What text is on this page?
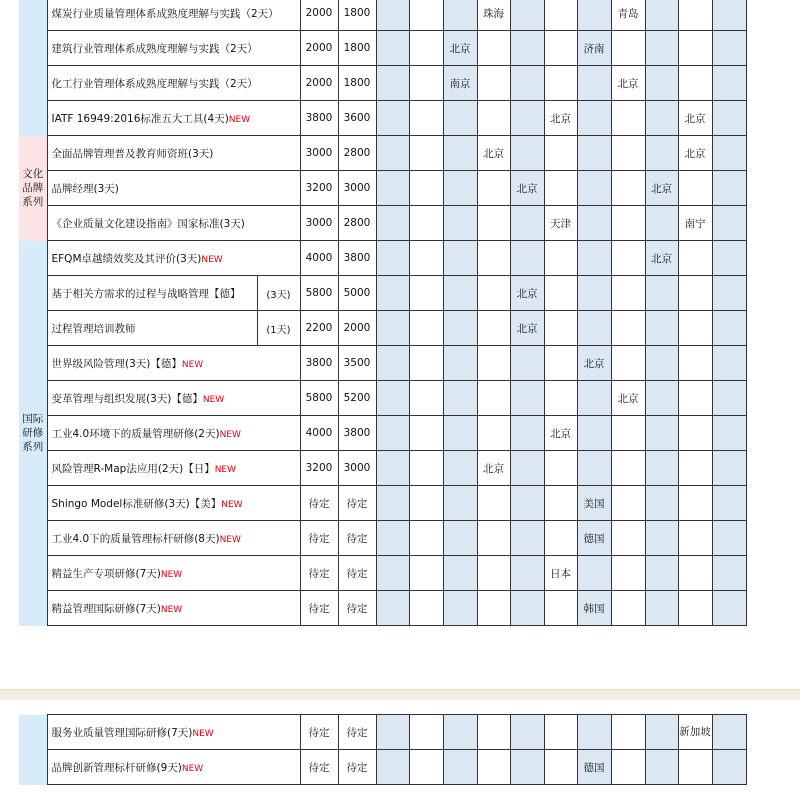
	煤炭行业质量管理体系成熟度理解与实践（2天）		2000	1800				珠海				青岛			
	建筑行业管理体系成熟度理解与实践（2天）		2000	1800			北京				济南				
	化工行业管理体系成熟度理解与实践（2天）		2000	1800			南京					北京			
	IATF 16949:2016标准五大工具(4天)NEW		3800	3600						北京				北京	
文化品牌系列	全面品牌管理普及教育师资班(3天)		3000	2800				北京						北京	
	品牌经理(3天)		3200	3000					北京				北京		
	《企业质量文化建设指南》国家标准(3天)		3000	2800						天津				南宁	
国际研修系列	EFQM卓越绩效奖及其评价(3天)NEW		4000	3800									北京		
	基于相关方需求的过程与战略管理【德】	(3天)	5800	5000					北京						
	过程管理培训教师	(1天)	2200	2000					北京						
	世界级风险管理(3天)【德】NEW		3800	3500							北京				
	变革管理与组织发展(3天)【德】NEW		5800	5200								北京			
	工业4.0环境下的质量管理研修(2天)NEW		4000	3800						北京					
	风险管理R-Map法应用(2天)【日】NEW		3200	3000				北京							
	Shingo Model标准研修(3天)【美】NEW		待定	待定							美国				
	工业4.0下的质量管理标杆研修(8天)NEW		待定	待定							德国				
	精益生产专项研修(7天)NEW		待定	待定						日本					
	精益管理国际研修(7天)NEW		待定	待定							韩国				
	服务业质量管理国际研修(7天)NEW	待定	待定										新加坡	
	品牌创新管理标杆研修(9天)NEW	待定	待定							德国				
